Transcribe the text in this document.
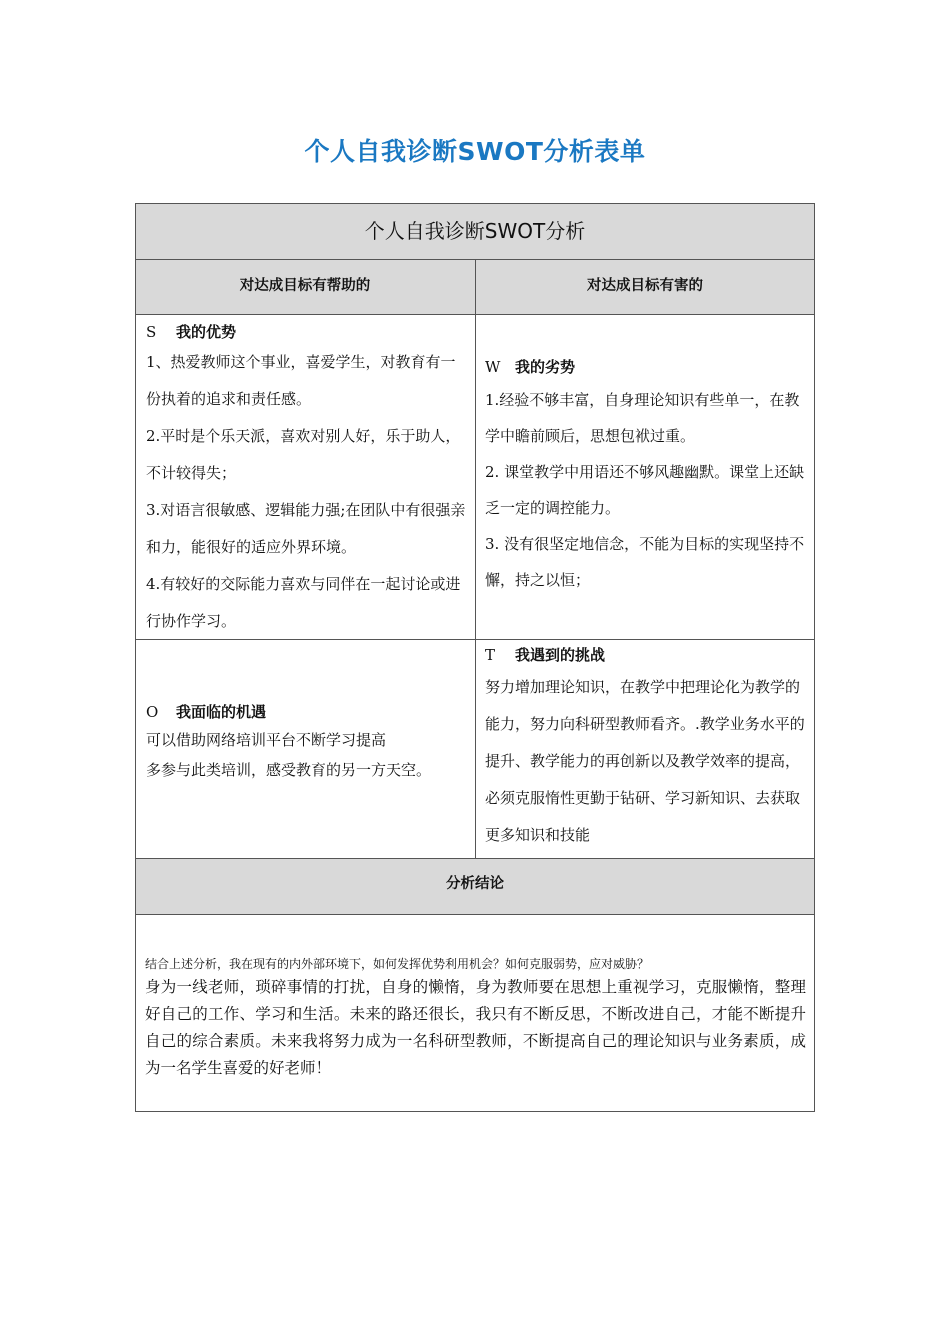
个人自我诊断SWOT分析表单
个人自我诊断SWOT分析
对达成目标有帮助的	对达成目标有害的

S 我的优势

1、热爱教师这个事业，喜爱学生，对教育有一份执着的追求和责任感。

2.平时是个乐天派，喜欢对别人好，乐于助人，不计较得失；

3.对语言很敏感、逻辑能力强;在团队中有很强亲和力，能很好的适应外界环境。

4.有较好的交际能力喜欢与同伴在一起讨论或进行协作学习。

W 我的劣势

1.经验不够丰富，自身理论知识有些单一，在教学中瞻前顾后，思想包袱过重。

2. 课堂教学中用语还不够风趣幽默。课堂上还缺乏一定的调控能力。

3. 没有很坚定地信念，不能为目标的实现坚持不懈，持之以恒；

O 我面临的机遇

可以借助网络培训平台不断学习提高

多参与此类培训，感受教育的另一方天空。

T 我遇到的挑战

努力增加理论知识，在教学中把理论化为教学的能力，努力向科研型教师看齐。.教学业务水平的提升、教学能力的再创新以及教学效率的提高，必须克服惰性更勤于钻研、学习新知识、去获取更多知识和技能

分析结论

结合上述分析，我在现有的内外部环境下，如何发挥优势利用机会？如何克服弱势，应对威胁？

身为一线老师，琐碎事情的打扰，自身的懒惰，身为教师要在思想上重视学习，克服懒惰，整理好自己的工作、学习和生活。未来的路还很长，我只有不断反思，不断改进自己，才能不断提升自己的综合素质。未来我将努力成为一名科研型教师，不断提高自己的理论知识与业务素质，成为一名学生喜爱的好老师！
